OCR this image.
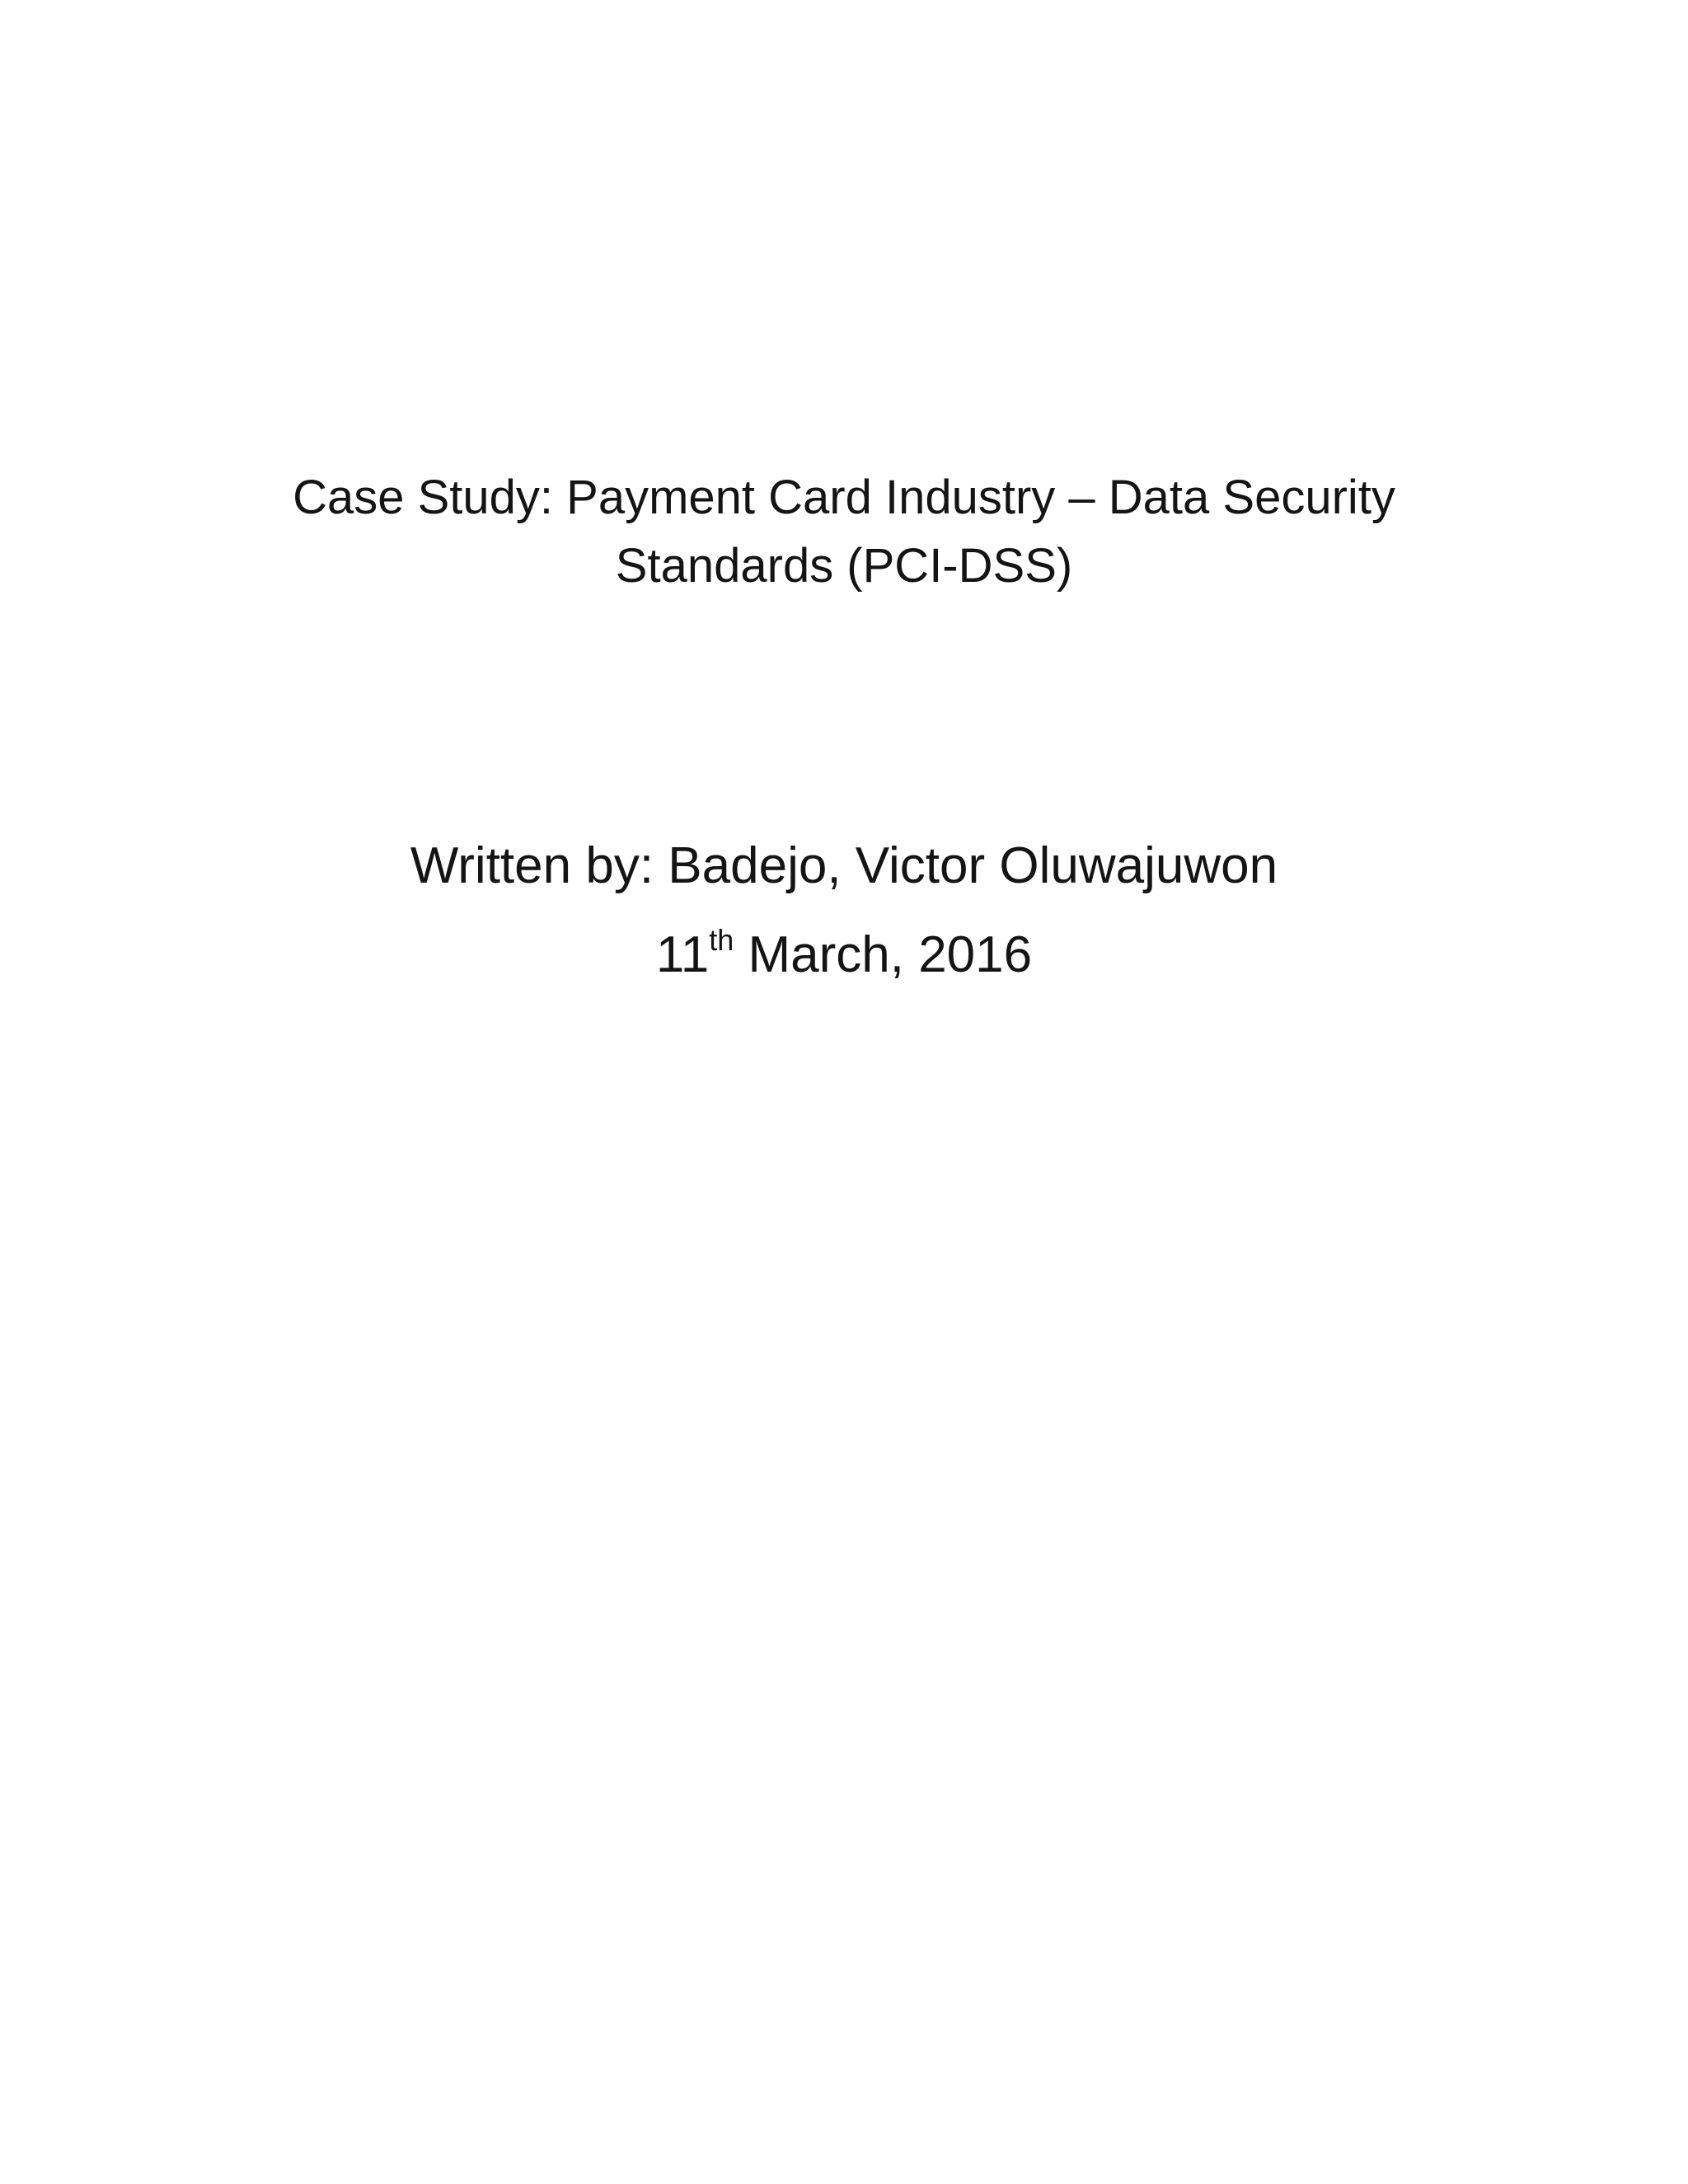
Case Study: Payment Card Industry – Data Security
Standards (PCI-DSS)
Written by: Badejo, Victor Oluwajuwon
11th March, 2016
